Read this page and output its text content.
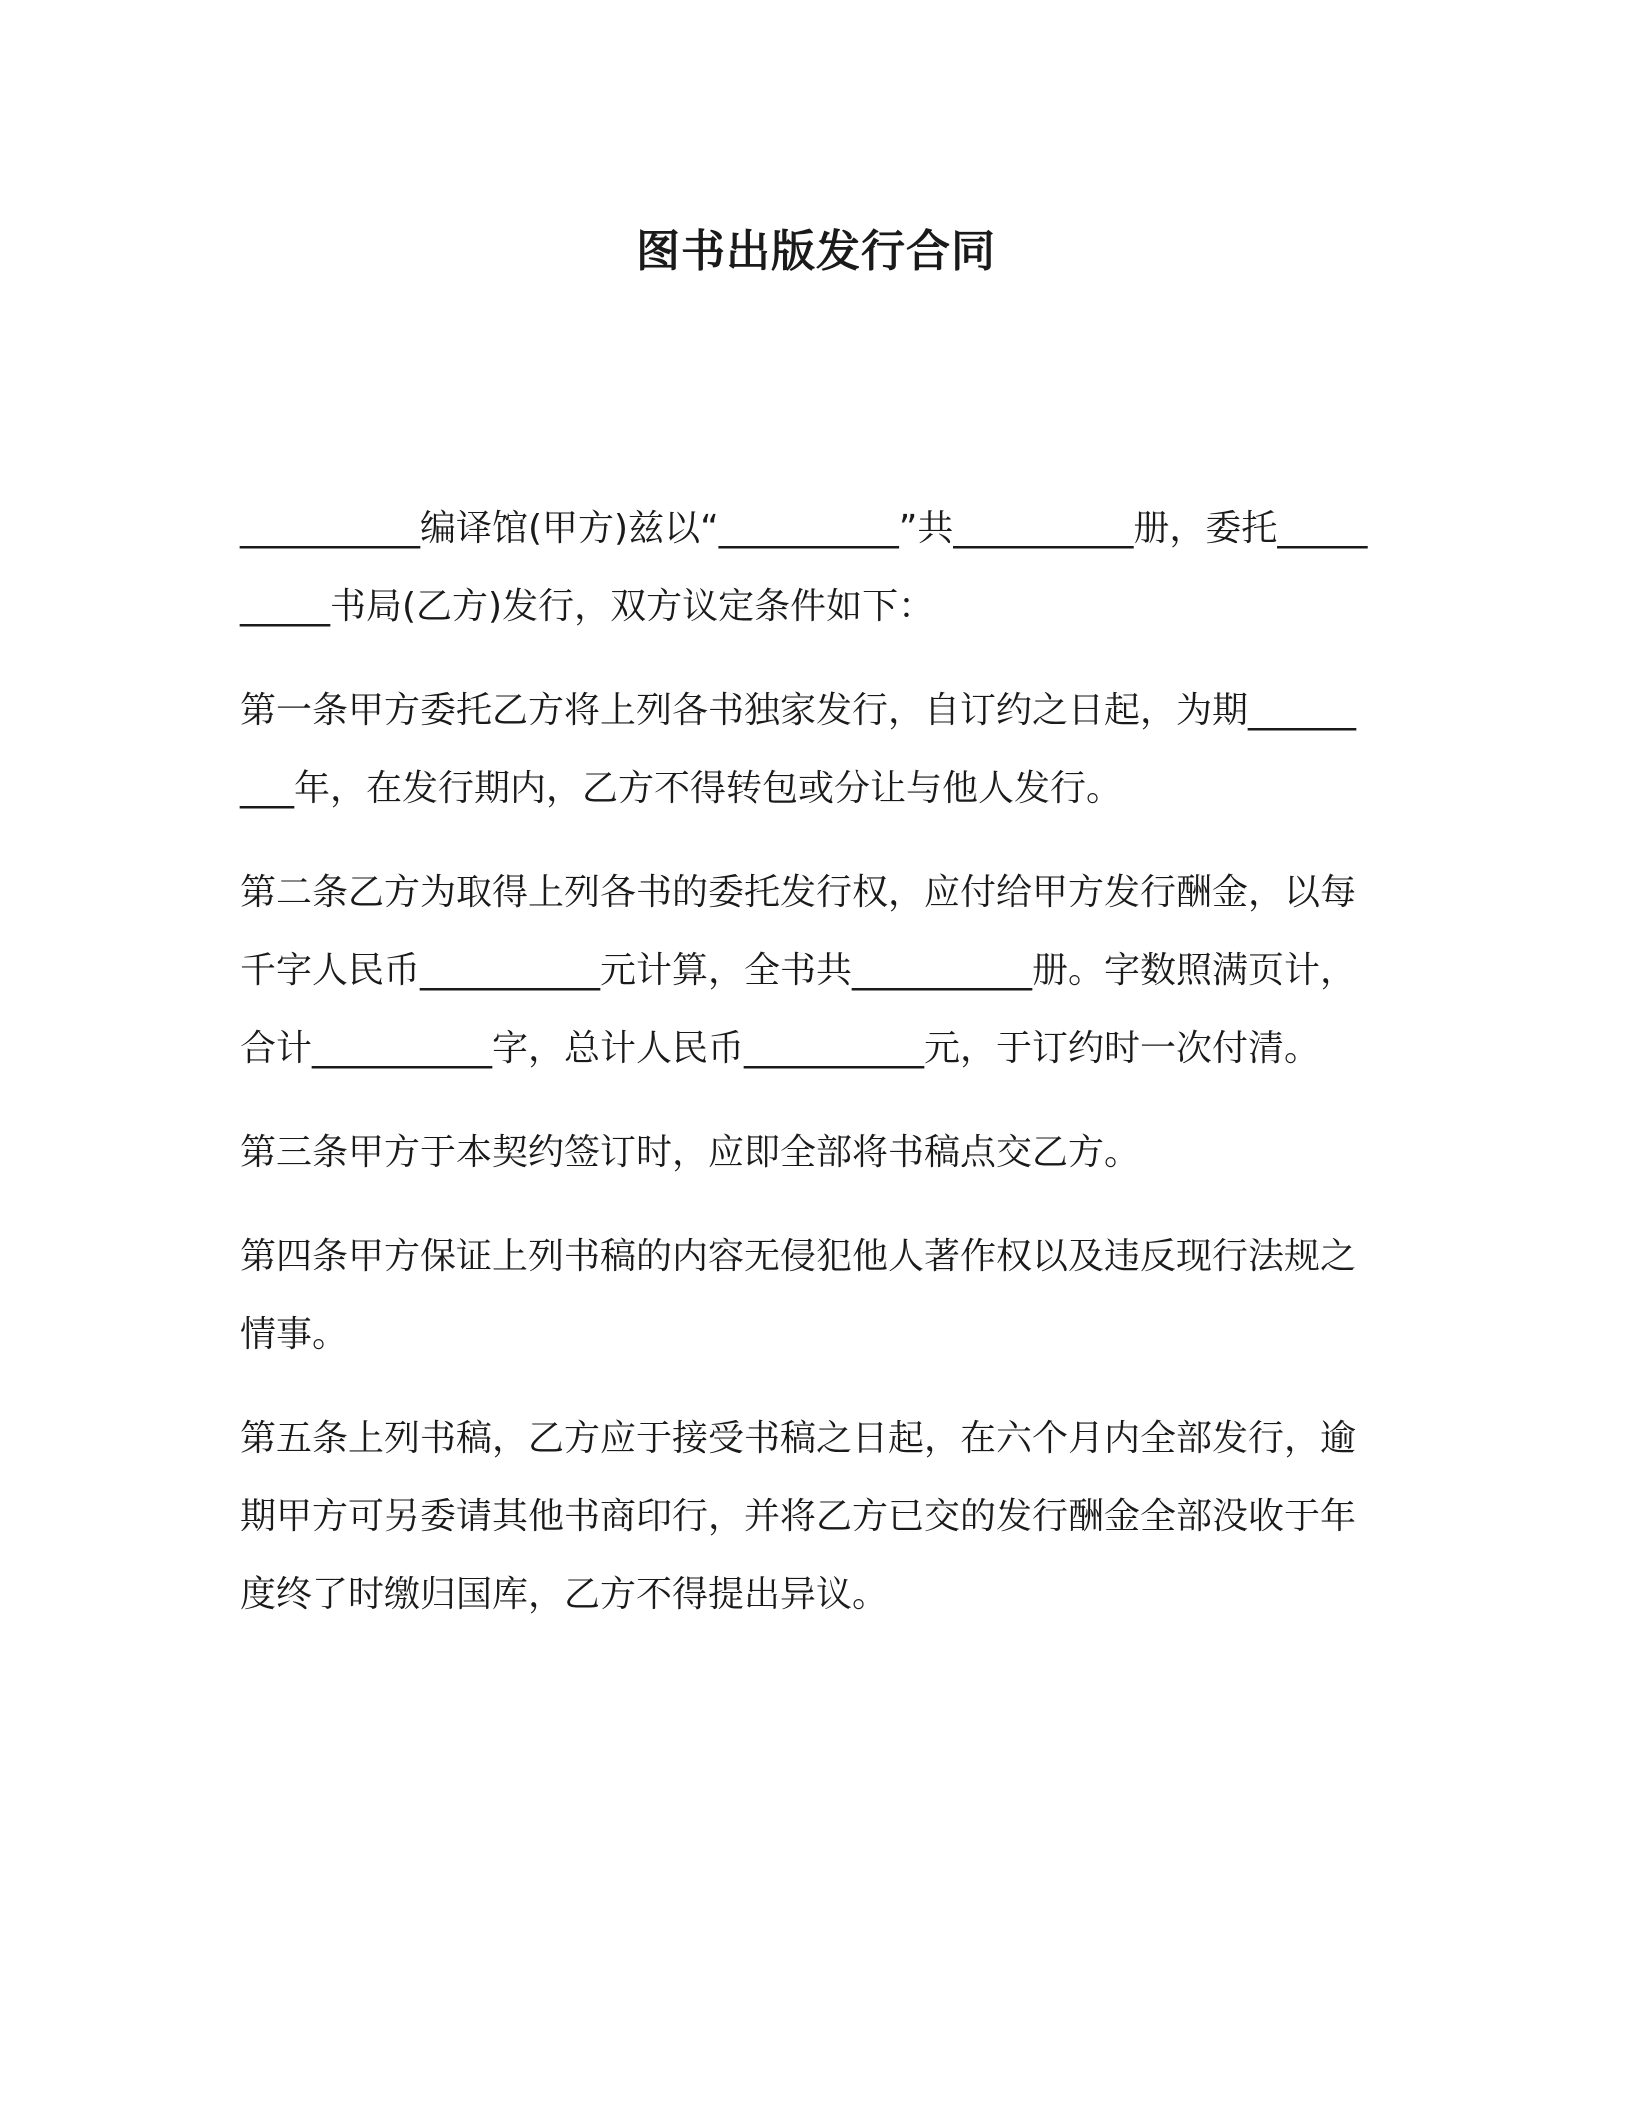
图书出版发行合同

__________编译馆(甲方)兹以“__________”共__________册，委托__________书局(乙方)发行，双方议定条件如下：

第一条甲方委托乙方将上列各书独家发行，自订约之日起，为期_________年，在发行期内，乙方不得转包或分让与他人发行。

第二条乙方为取得上列各书的委托发行权，应付给甲方发行酬金，以每千字人民币__________元计算，全书共__________册。字数照满页计，合计__________字，总计人民币__________元，于订约时一次付清。

第三条甲方于本契约签订时，应即全部将书稿点交乙方。

第四条甲方保证上列书稿的内容无侵犯他人著作权以及违反现行法规之情事。

第五条上列书稿，乙方应于接受书稿之日起，在六个月内全部发行，逾期甲方可另委请其他书商印行，并将乙方已交的发行酬金全部没收于年度终了时缴归国库，乙方不得提出异议。
